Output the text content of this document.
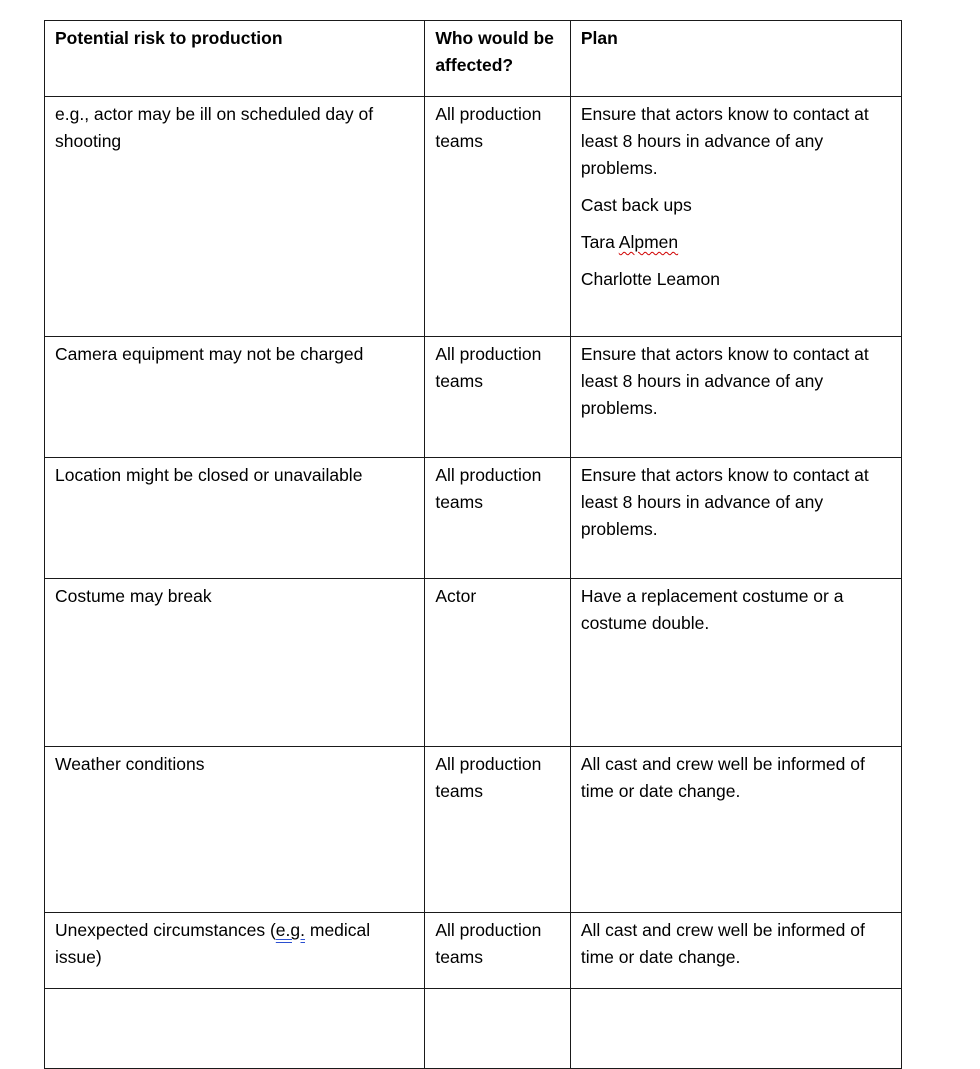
Potential risk to production	Who would be affected?	Plan
e.g., actor may be ill on scheduled day of shooting	All production teams	Ensure that actors know to contact at least 8 hours in advance of any problems.

Cast back ups

Tara Alpmen

Charlotte Leamon

Camera equipment may not be charged	All production teams	Ensure that actors know to contact at least 8 hours in advance of any problems.
Location might be closed or unavailable	All production teams	Ensure that actors know to contact at least 8 hours in advance of any problems.
Costume may break	Actor	Have a replacement costume or a costume double.
Weather conditions	All production teams	All cast and crew well be informed of time or date change.
Unexpected circumstances (e.g. medical issue)	All production teams	All cast and crew well be informed of time or date change.
